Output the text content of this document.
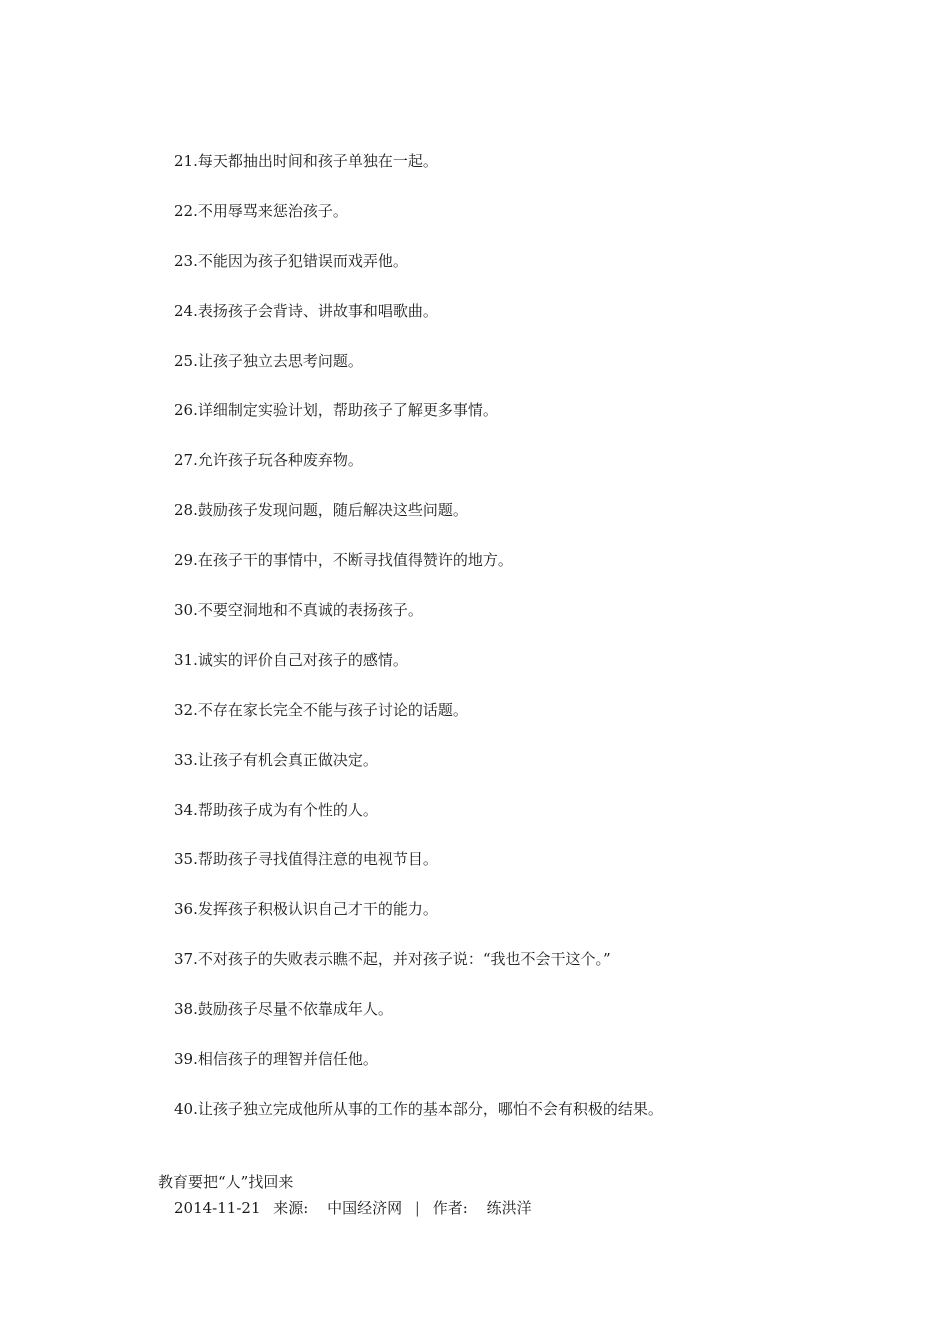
21.每天都抽出时间和孩子单独在一起。
22.不用辱骂来惩治孩子。
23.不能因为孩子犯错误而戏弄他。
24.表扬孩子会背诗、讲故事和唱歌曲。
25.让孩子独立去思考问题。
26.详细制定实验计划，帮助孩子了解更多事情。
27.允许孩子玩各种废弃物。
28.鼓励孩子发现问题，随后解决这些问题。
29.在孩子干的事情中，不断寻找值得赞许的地方。
30.不要空洞地和不真诚的表扬孩子。
31.诚实的评价自己对孩子的感情。
32.不存在家长完全不能与孩子讨论的话题。
33.让孩子有机会真正做决定。
34.帮助孩子成为有个性的人。
35.帮助孩子寻找值得注意的电视节目。
36.发挥孩子积极认识自己才干的能力。
37.不对孩子的失败表示瞧不起，并对孩子说：“我也不会干这个。”
38.鼓励孩子尽量不依靠成年人。
39.相信孩子的理智并信任他。
40.让孩子独立完成他所从事的工作的基本部分，哪怕不会有积极的结果。
教育要把“人”找回来
2014-11-21 来源: 中国经济网 | 作者: 练洪洋
